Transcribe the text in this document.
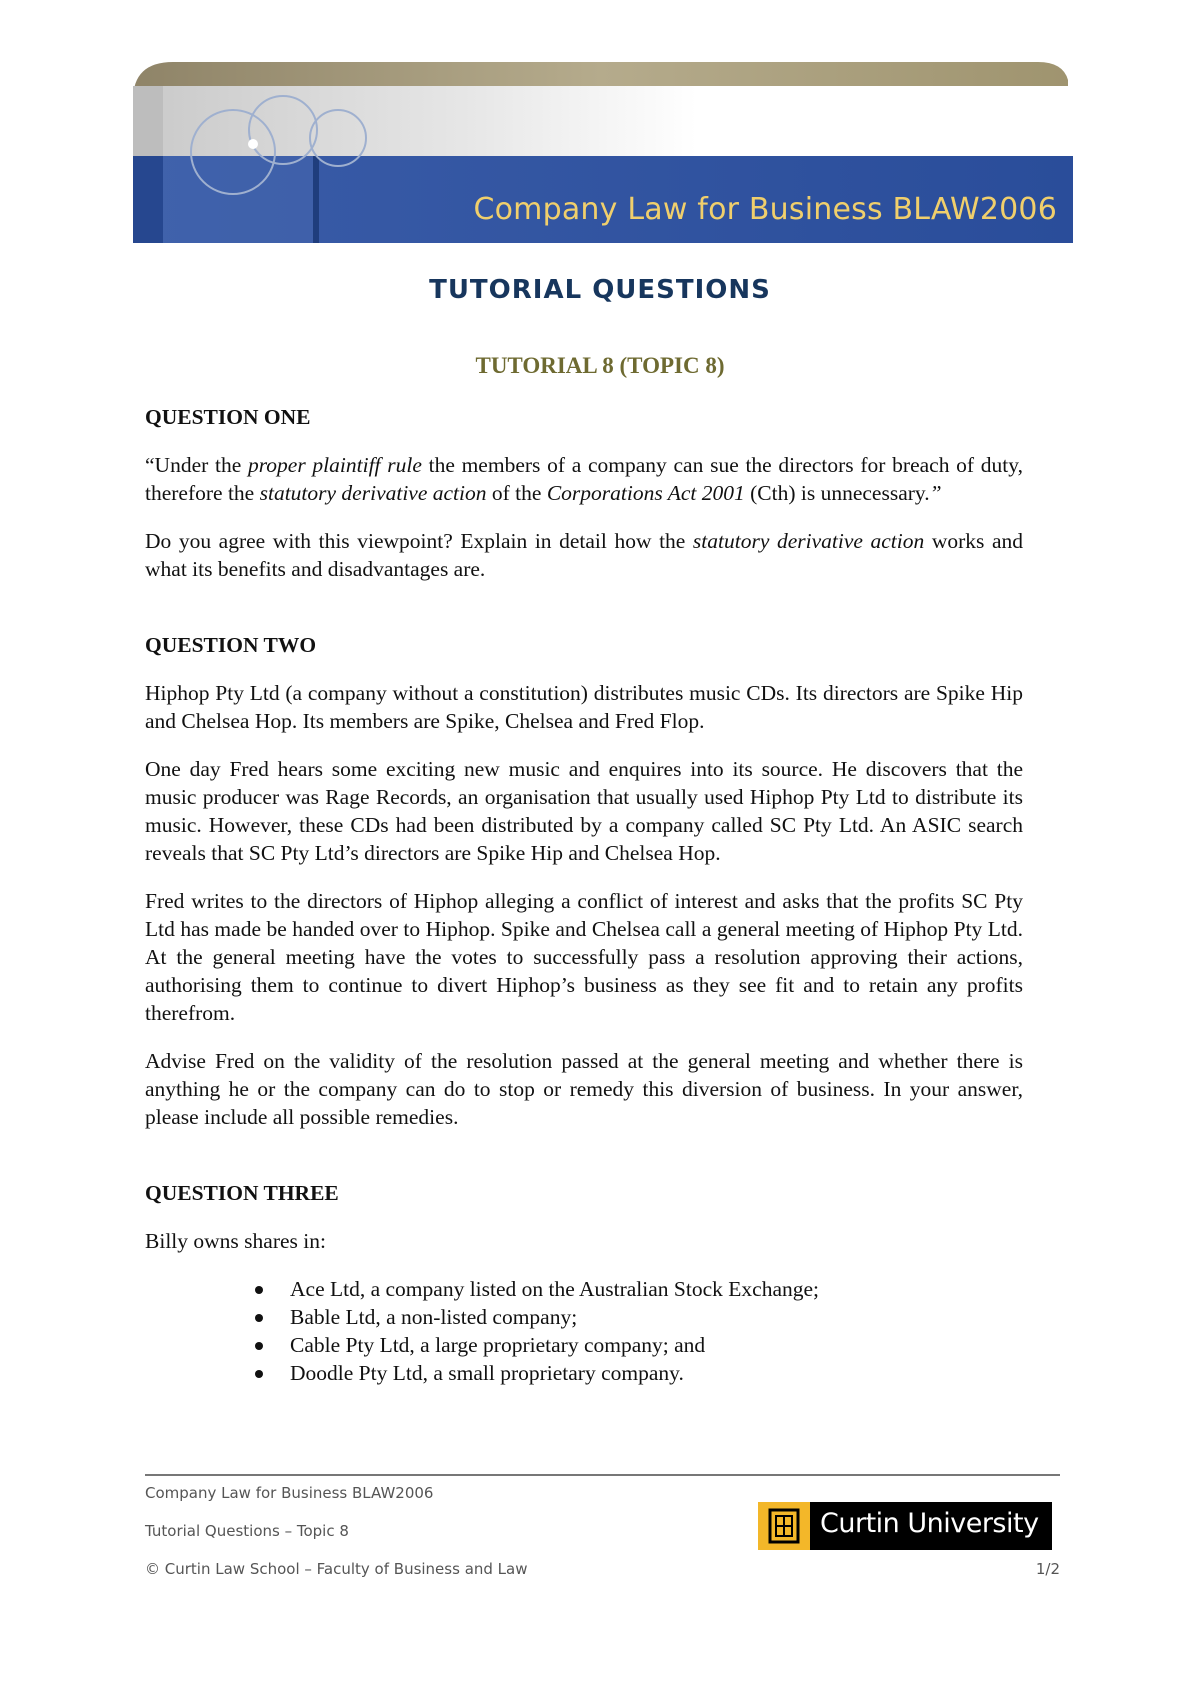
Company Law for Business BLAW2006
TUTORIAL QUESTIONS
TUTORIAL 8 (TOPIC 8)
QUESTION ONE

“Under the proper plaintiff rule the members of a company can sue the directors for breach of duty, therefore the statutory derivative action of the Corporations Act 2001 (Cth) is unnecessary.”

Do you agree with this viewpoint? Explain in detail how the statutory derivative action works and what its benefits and disadvantages are.

QUESTION TWO

Hiphop Pty Ltd (a company without a constitution) distributes music CDs. Its directors are Spike Hip and Chelsea Hop. Its members are Spike, Chelsea and Fred Flop.

One day Fred hears some exciting new music and enquires into its source. He discovers that the music producer was Rage Records, an organisation that usually used Hiphop Pty Ltd to distribute its music. However, these CDs had been distributed by a company called SC Pty Ltd. An ASIC search reveals that SC Pty Ltd’s directors are Spike Hip and Chelsea Hop.

Fred writes to the directors of Hiphop alleging a conflict of interest and asks that the profits SC Pty Ltd has made be handed over to Hiphop. Spike and Chelsea call a general meeting of Hiphop Pty Ltd. At the general meeting have the votes to successfully pass a resolution approving their actions, authorising them to continue to divert Hiphop’s business as they see fit and to retain any profits therefrom.

Advise Fred on the validity of the resolution passed at the general meeting and whether there is anything he or the company can do to stop or remedy this diversion of business. In your answer, please include all possible remedies.

QUESTION THREE

Billy owns shares in:

Ace Ltd, a company listed on the Australian Stock Exchange;
Bable Ltd, a non-listed company;
Cable Pty Ltd, a large proprietary company; and
Doodle Pty Ltd, a small proprietary company.
Company Law for Business BLAW2006
Tutorial Questions – Topic 8
© Curtin Law School – Faculty of Business and Law	1/2
Curtin University
